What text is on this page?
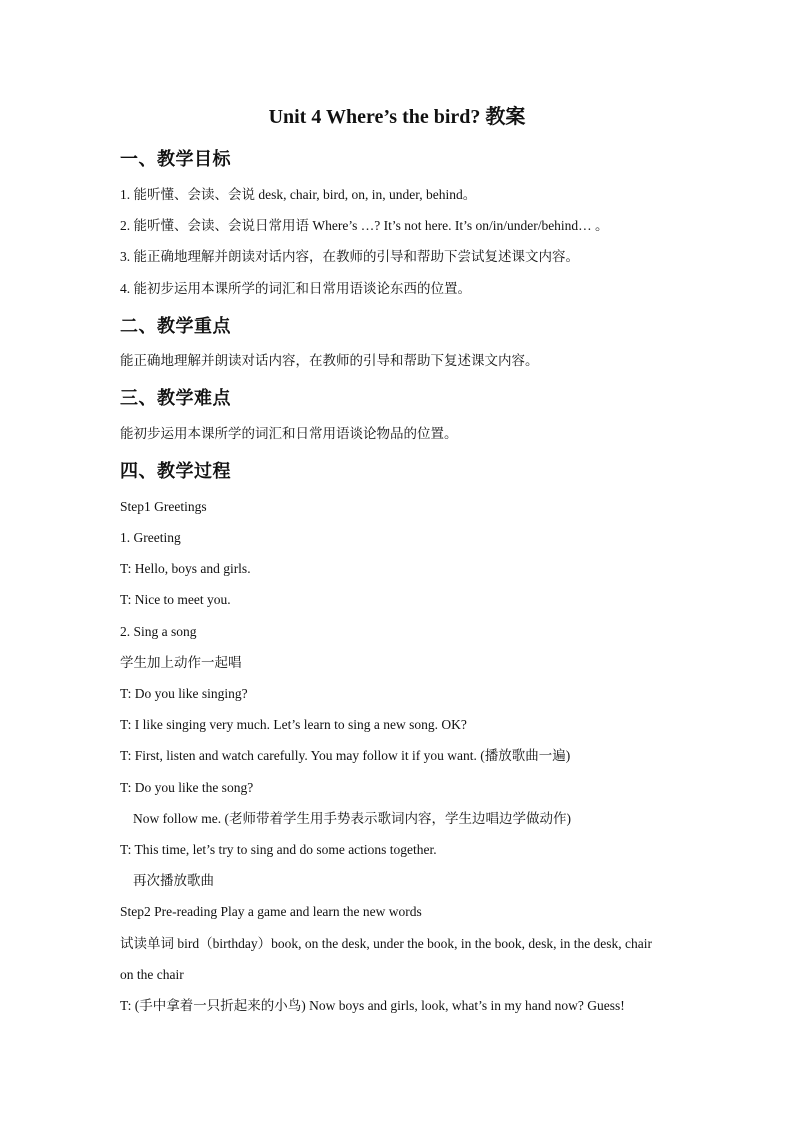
Unit 4 Where’s the bird? 教案
一、教学目标
1. 能听懂、会读、会说 desk, chair, bird, on, in, under, behind。
2. 能听懂、会读、会说日常用语 Where’s …? It’s not here. It’s on/in/under/behind… 。
3. 能正确地理解并朗读对话内容，在教师的引导和帮助下尝试复述课文内容。
4. 能初步运用本课所学的词汇和日常用语谈论东西的位置。
二、教学重点
能正确地理解并朗读对话内容，在教师的引导和帮助下复述课文内容。
三、教学难点
能初步运用本课所学的词汇和日常用语谈论物品的位置。
四、教学过程
Step1 Greetings
1. Greeting
T: Hello, boys and girls.
T: Nice to meet you.
2. Sing a song
学生加上动作一起唱
T: Do you like singing?
T: I like singing very much. Let’s learn to sing a new song. OK?
T: First, listen and watch carefully. You may follow it if you want. (播放歌曲一遍)
T: Do you like the song?
Now follow me. (老师带着学生用手势表示歌词内容，学生边唱边学做动作)
T: This time, let’s try to sing and do some actions together.
再次播放歌曲
Step2 Pre-reading Play a game and learn the new words
试读单词 bird（birthday）book, on the desk, under the book, in the book, desk, in the desk, chair
on the chair
T: (手中拿着一只折起来的小鸟) Now boys and girls, look, what’s in my hand now? Guess!
